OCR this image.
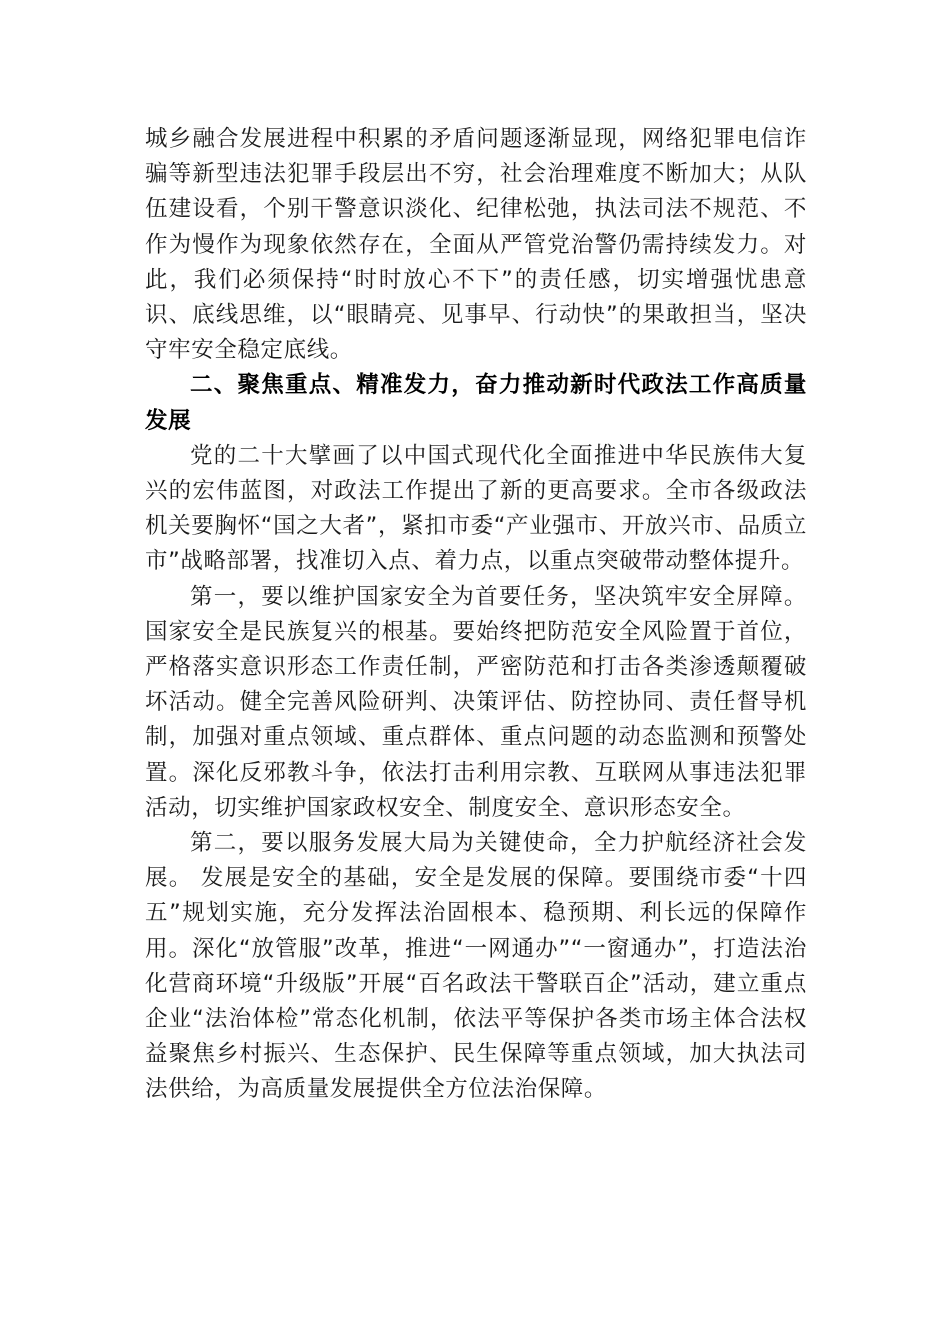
城乡融合发展进程中积累的矛盾问题逐渐显现，网络犯罪电信诈骗等新型违法犯罪手段层出不穷，社会治理难度不断加大；从队伍建设看，个别干警意识淡化、纪律松弛，执法司法不规范、不作为慢作为现象依然存在，全面从严管党治警仍需持续发力。对此，我们必须保持“时时放心不下”的责任感，切实增强忧患意识、底线思维，以“眼睛亮、见事早、行动快”的果敢担当，坚决守牢安全稳定底线。

二、聚焦重点、精准发力，奋力推动新时代政法工作高质量发展

党的二十大擘画了以中国式现代化全面推进中华民族伟大复兴的宏伟蓝图，对政法工作提出了新的更高要求。全市各级政法机关要胸怀“国之大者”，紧扣市委“产业强市、开放兴市、品质立市”战略部署，找准切入点、着力点，以重点突破带动整体提升。

第一，要以维护国家安全为首要任务，坚决筑牢安全屏障。 国家安全是民族复兴的根基。要始终把防范安全风险置于首位，严格落实意识形态工作责任制，严密防范和打击各类渗透颠覆破坏活动。健全完善风险研判、决策评估、防控协同、责任督导机制，加强对重点领域、重点群体、重点问题的动态监测和预警处置。深化反邪教斗争，依法打击利用宗教、互联网从事违法犯罪活动，切实维护国家政权安全、制度安全、意识形态安全。

第二，要以服务发展大局为关键使命，全力护航经济社会发展。 发展是安全的基础，安全是发展的保障。要围绕市委“十四五”规划实施，充分发挥法治固根本、稳预期、利长远的保障作用。深化“放管服”改革，推进“一网通办”“一窗通办”，打造法治化营商环境“升级版”开展“百名政法干警联百企”活动，建立重点企业“法治体检”常态化机制，依法平等保护各类市场主体合法权益聚焦乡村振兴、生态保护、民生保障等重点领域，加大执法司法供给，为高质量发展提供全方位法治保障。
